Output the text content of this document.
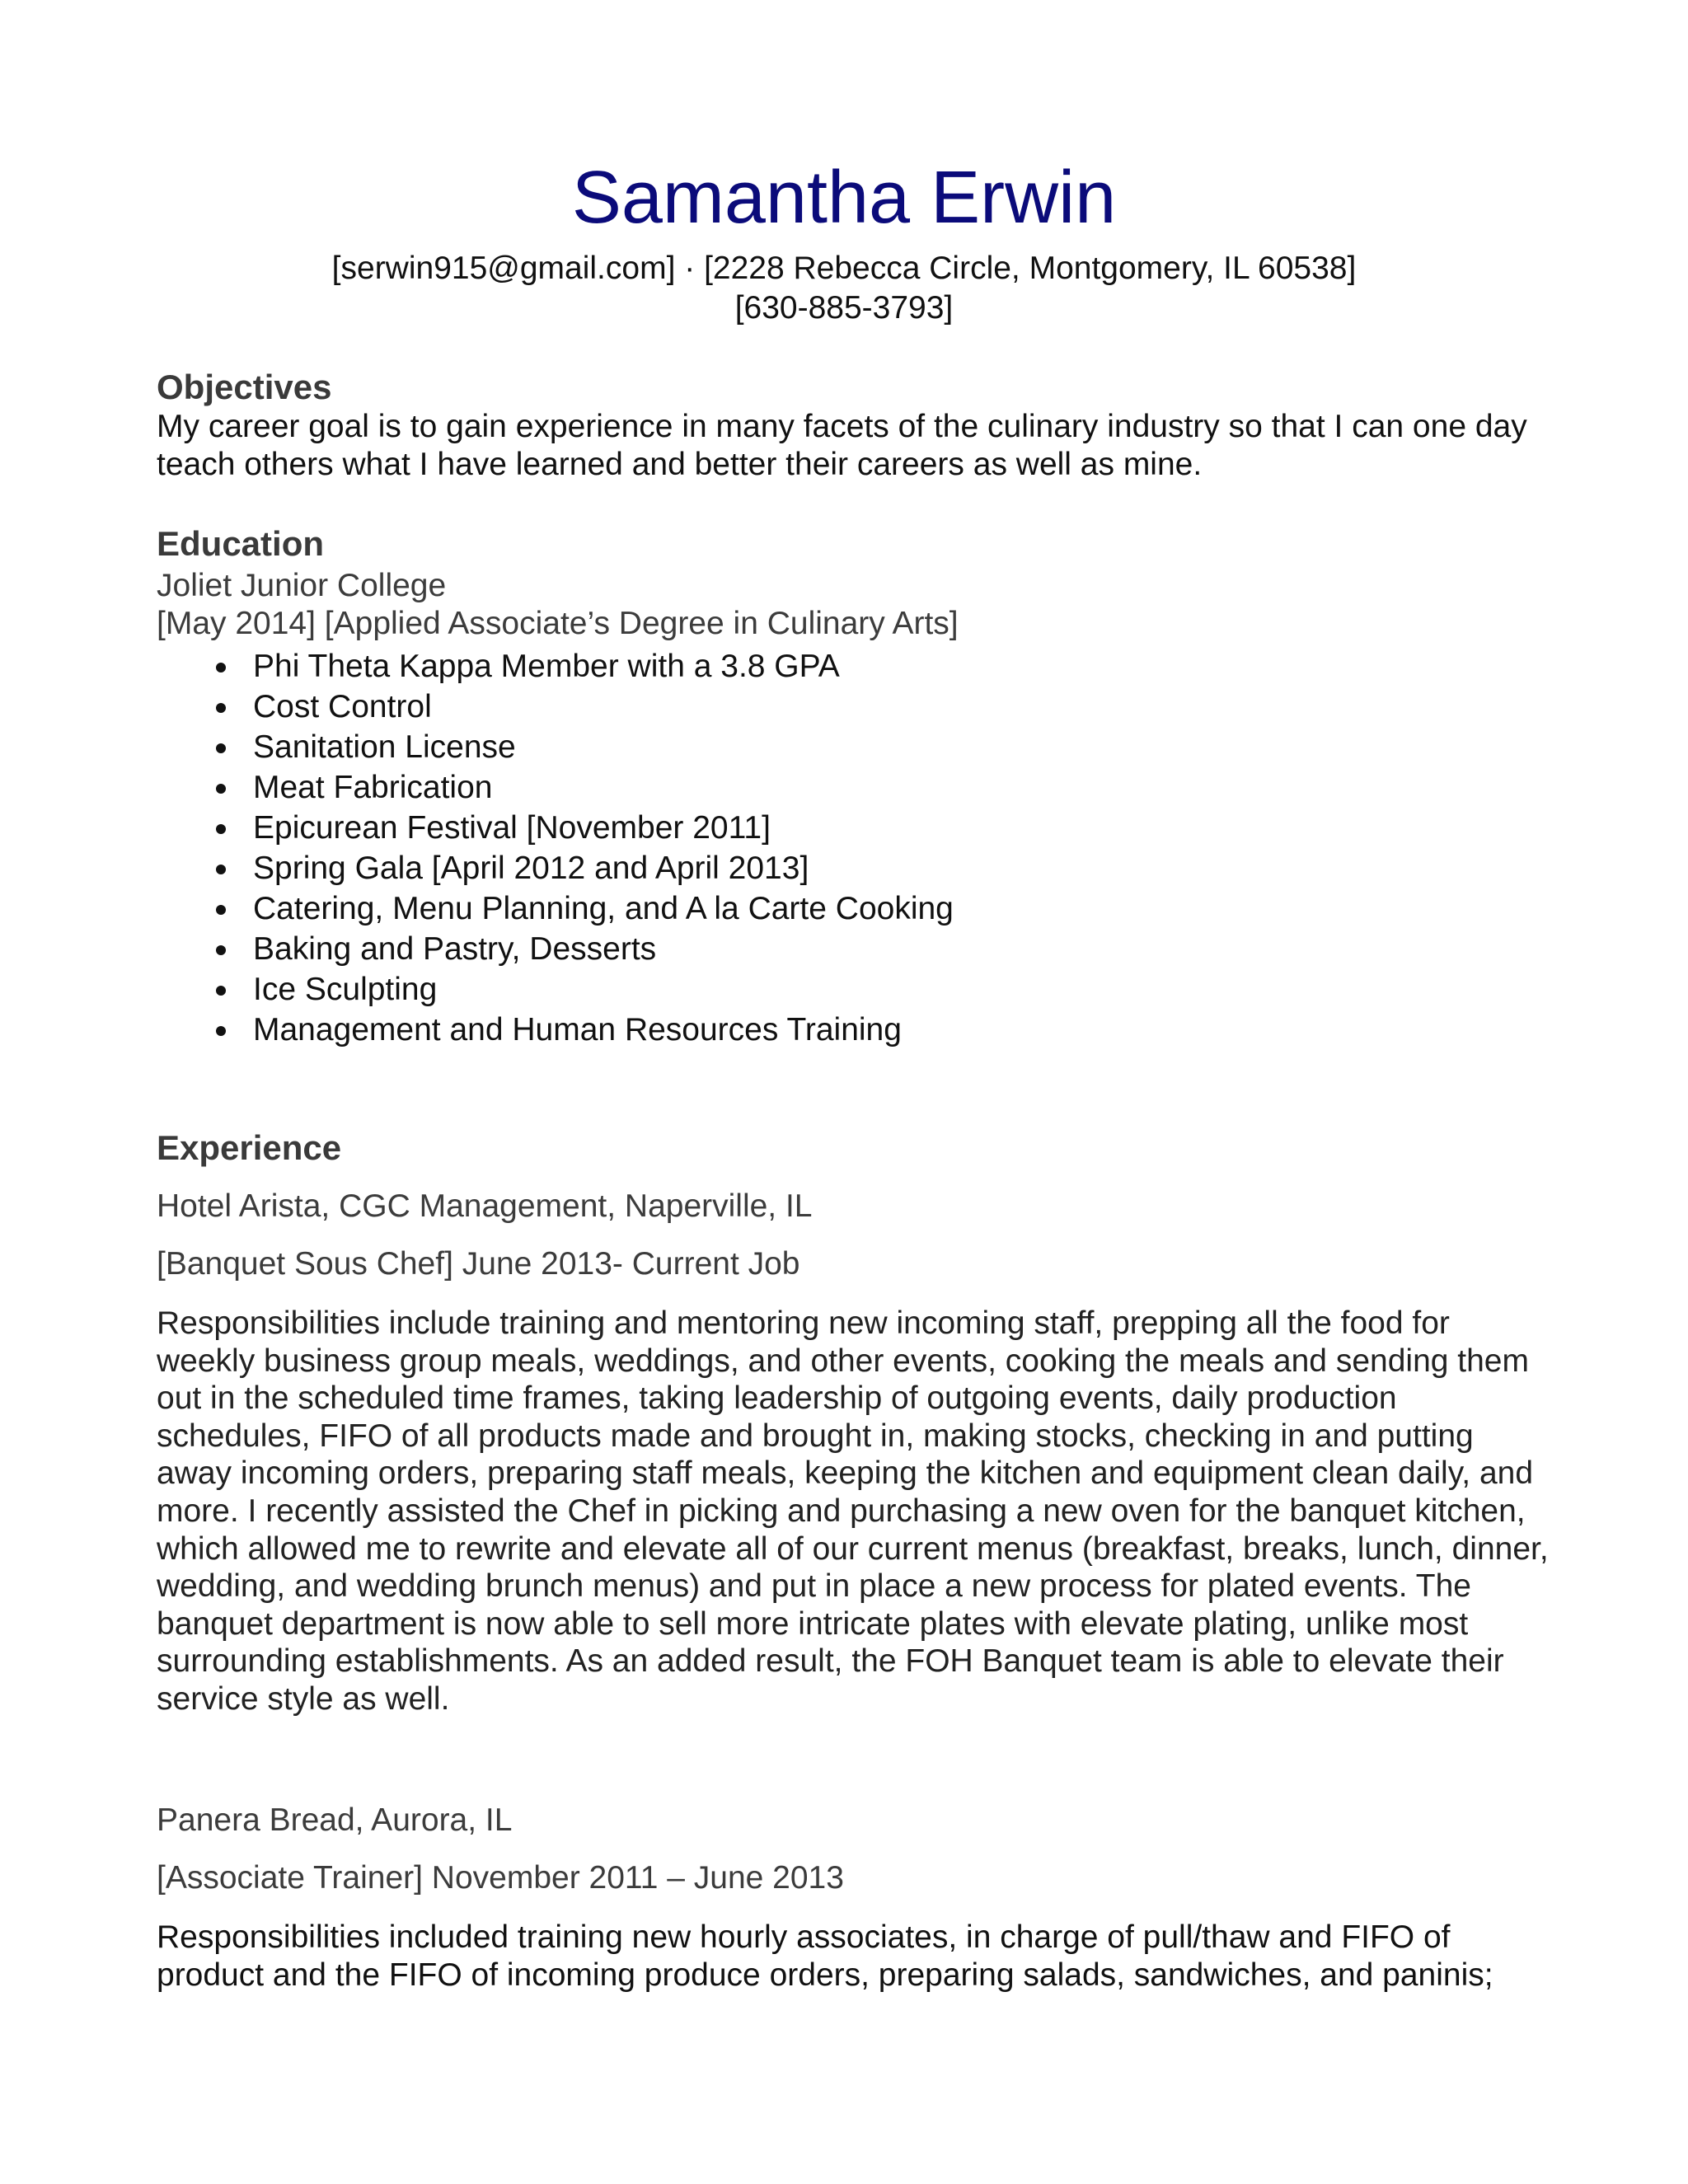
Samantha Erwin
[serwin915@gmail.com] · [2228 Rebecca Circle, Montgomery, IL 60538]
[630-885-3793]
Objectives
My career goal is to gain experience in many facets of the culinary industry so that I can one day teach others what I have learned and better their careers as well as mine.
Education
Joliet Junior College
[May 2014] [Applied Associate’s Degree in Culinary Arts]
Phi Theta Kappa Member with a 3.8 GPA
Cost Control
Sanitation License
Meat Fabrication
Epicurean Festival [November 2011]
Spring Gala [April 2012 and April 2013]
Catering, Menu Planning, and A la Carte Cooking
Baking and Pastry, Desserts
Ice Sculpting
Management and Human Resources Training
Experience
Hotel Arista, CGC Management, Naperville, IL
[Banquet Sous Chef] June 2013- Current Job

Responsibilities include training and mentoring new incoming staff, prepping all the food for weekly business group meals, weddings, and other events, cooking the meals and sending them out in the scheduled time frames, taking leadership of outgoing events, daily production schedules, FIFO of all products made and brought in, making stocks, checking in and putting away incoming orders, preparing staff meals, keeping the kitchen and equipment clean daily, and more. I recently assisted the Chef in picking and purchasing a new oven for the banquet kitchen, which allowed me to rewrite and elevate all of our current menus (breakfast, breaks, lunch, dinner, wedding, and wedding brunch menus) and put in place a new process for plated events. The banquet department is now able to sell more intricate plates with elevate plating, unlike most surrounding establishments. As an added result, the FOH Banquet team is able to elevate their service style as well.

Panera Bread, Aurora, IL
[Associate Trainer] November 2011 – June 2013

Responsibilities included training new hourly associates, in charge of pull/thaw and FIFO of product and the FIFO of incoming produce orders, preparing salads, sandwiches, and paninis;
